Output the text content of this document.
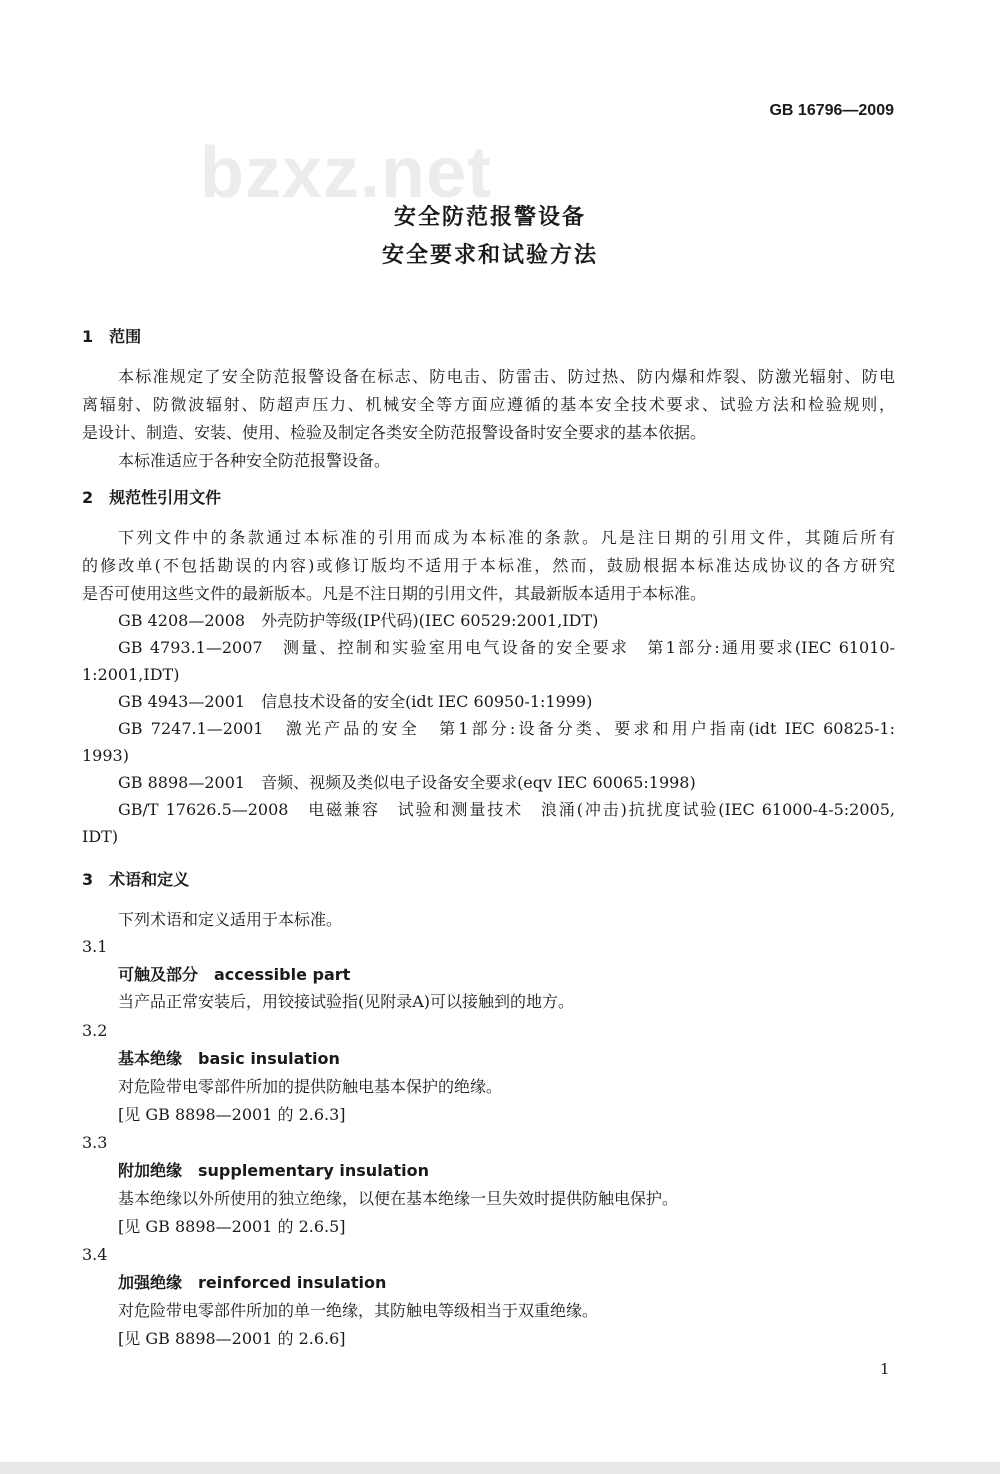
GB 16796—2009
bzxz.net
安全防范报警设备
安全要求和试验方法
1　范围
本标准规定了安全防范报警设备在标志、防电击、防雷击、防过热、防内爆和炸裂、防激光辐射、防电
离辐射、防微波辐射、防超声压力、机械安全等方面应遵循的基本安全技术要求、试验方法和检验规则，
是设计、制造、安装、使用、检验及制定各类安全防范报警设备时安全要求的基本依据。
本标准适应于各种安全防范报警设备。
2　规范性引用文件
下列文件中的条款通过本标准的引用而成为本标准的条款。凡是注日期的引用文件，其随后所有
的修改单(不包括勘误的内容)或修订版均不适用于本标准，然而，鼓励根据本标准达成协议的各方研究
是否可使用这些文件的最新版本。凡是不注日期的引用文件，其最新版本适用于本标准。
GB 4208—2008　外壳防护等级(IP代码)(IEC 60529:2001,IDT)
GB 4793.1—2007　测量、控制和实验室用电气设备的安全要求　第1部分:通用要求(IEC 61010-
1:2001,IDT)
GB 4943—2001　信息技术设备的安全(idt IEC 60950-1:1999)
GB 7247.1—2001　激光产品的安全　第1部分:设备分类、要求和用户指南(idt IEC 60825-1:
1993)
GB 8898—2001　音频、视频及类似电子设备安全要求(eqv IEC 60065:1998)
GB/T 17626.5—2008　电磁兼容　试验和测量技术　浪涌(冲击)抗扰度试验(IEC 61000-4-5:2005,
IDT)
3　术语和定义
下列术语和定义适用于本标准。
3.1
可触及部分　accessible part
当产品正常安装后，用铰接试验指(见附录A)可以接触到的地方。
3.2
基本绝缘　basic insulation
对危险带电零部件所加的提供防触电基本保护的绝缘。
[见 GB 8898—2001 的 2.6.3]
3.3
附加绝缘　supplementary insulation
基本绝缘以外所使用的独立绝缘，以便在基本绝缘一旦失效时提供防触电保护。
[见 GB 8898—2001 的 2.6.5]
3.4
加强绝缘　reinforced insulation
对危险带电零部件所加的单一绝缘，其防触电等级相当于双重绝缘。
[见 GB 8898—2001 的 2.6.6]
1
